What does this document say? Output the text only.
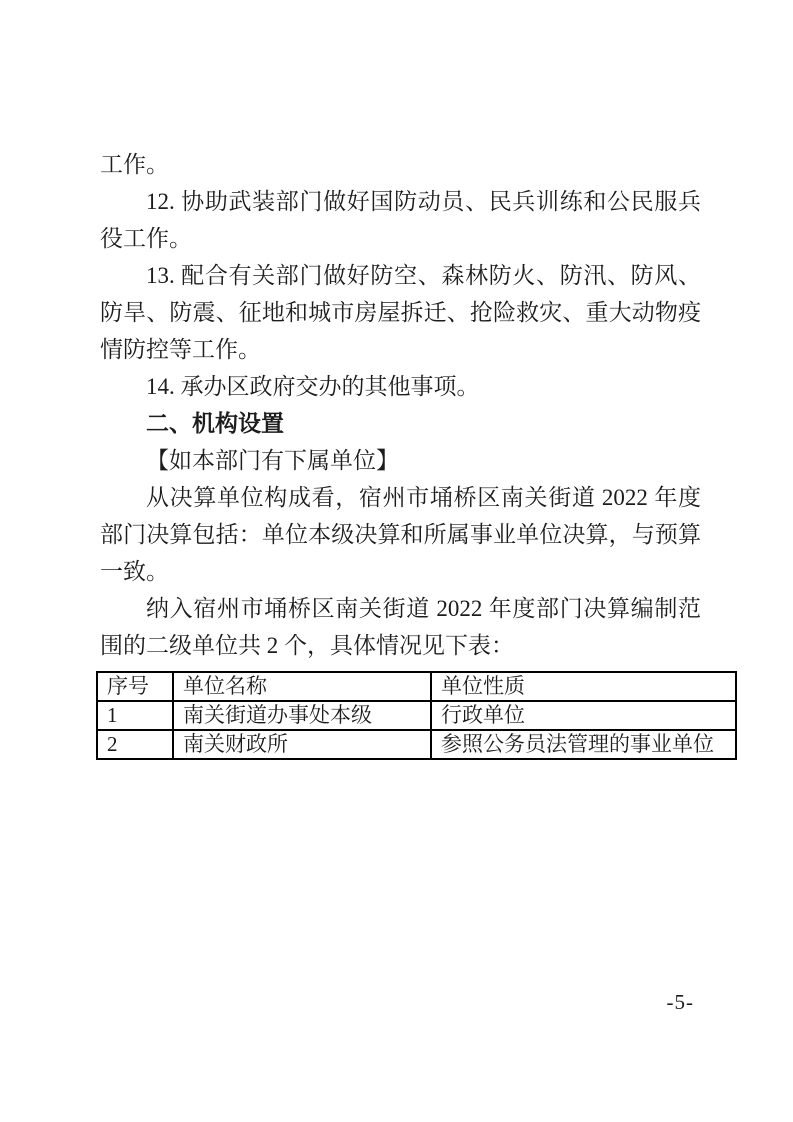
工作。

12. 协助武装部门做好国防动员、民兵训练和公民服兵役工作。

13. 配合有关部门做好防空、森林防火、防汛、防风、防旱、防震、征地和城市房屋拆迁、抢险救灾、重大动物疫情防控等工作。

14. 承办区政府交办的其他事项。

二、机构设置

【如本部门有下属单位】

从决算单位构成看，宿州市埇桥区南关街道 2022 年度部门决算包括：单位本级决算和所属事业单位决算，与预算一致。

纳入宿州市埇桥区南关街道 2022 年度部门决算编制范围的二级单位共 2 个，具体情况见下表：

序号	单位名称	单位性质
1	南关街道办事处本级	行政单位
2	南关财政所	参照公务员法管理的事业单位
-5-
